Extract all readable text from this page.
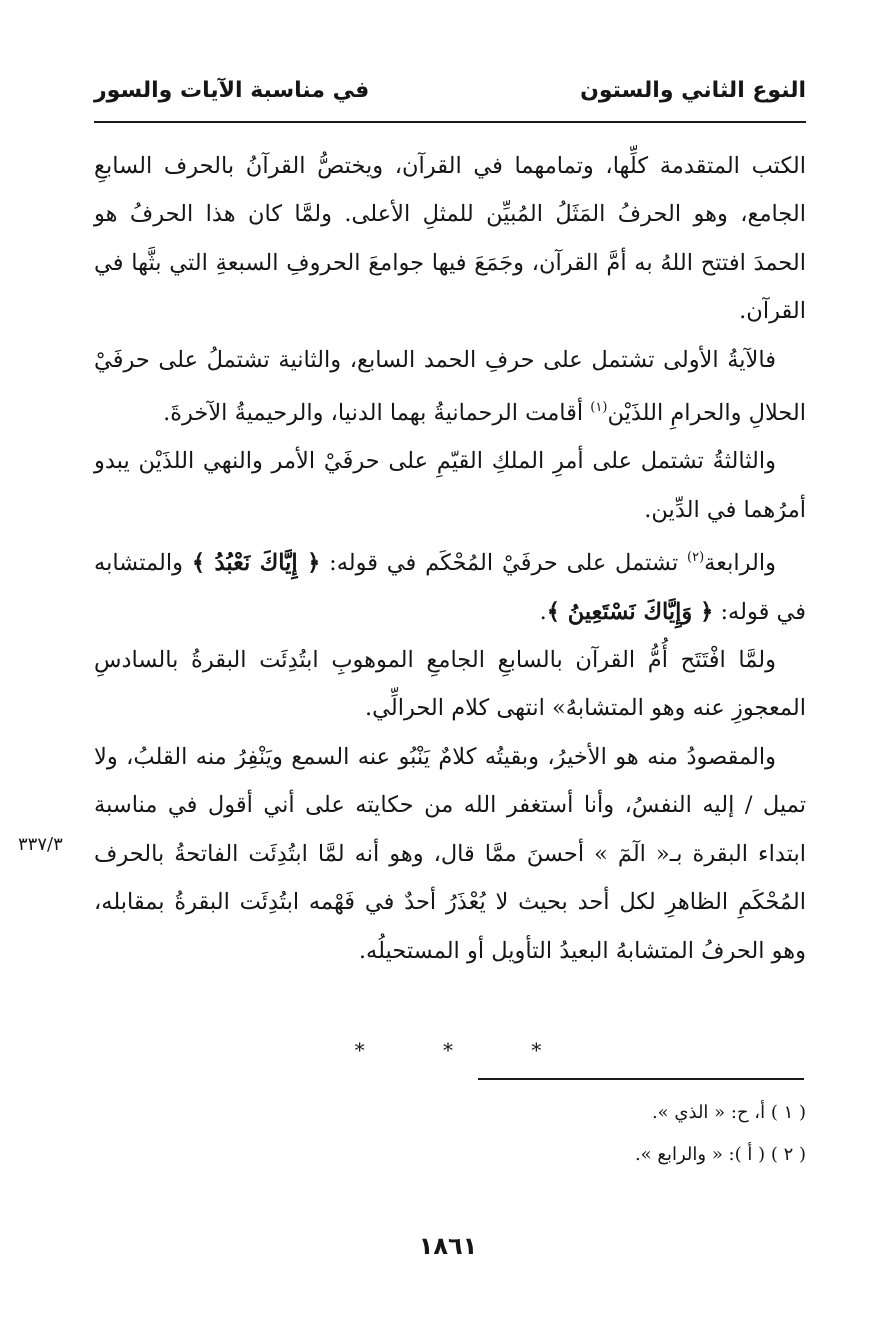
النوع الثاني والستون
في مناسبة الآيات والسور

الكتب المتقدمة كلِّها، وتمامهما في القرآن، ويختصُّ القرآنُ بالحرف السابعِ الجامع، وهو الحرفُ المَثَلُ المُبيِّن للمثلِ الأعلى. ولمَّا كان هذا الحرفُ هو الحمدَ افتتح اللهُ به أمَّ القرآن، وجَمَعَ فيها جوامعَ الحروفِ السبعةِ التي بثَّها في القرآن.

فالآيةُ الأولى تشتمل على حرفِ الحمد السابع، والثانية تشتملُ على حرفَيْ الحلالِ والحرامِ اللذَيْن$^{(١)}$ أقامت الرحمانيةُ بهما الدنيا، والرحيميةُ الآخرةَ.

والثالثةُ تشتمل على أمرِ الملكِ القيّمِ على حرفَيْ الأمر والنهي اللذَيْن يبدو أمرُهما في الدِّين.

والرابعة$^{(٢)}$ تشتمل على حرفَيْ المُحْكَم في قوله: ﴿ إِيَّاكَ نَعْبُدُ ﴾ والمتشابه في قوله: ﴿ وَإِيَّاكَ نَسْتَعِينُ ﴾.

ولمَّا افْتَتَح أُمُّ القرآن بالسابعِ الجامعِ الموهوبِ ابتُدِئَت البقرةُ بالسادسِ المعجوزِ عنه وهو المتشابهُ» انتهى كلام الحرالِّي.

والمقصودُ منه هو الأخيرُ، وبقيتُه كلامٌ يَنْبُو عنه السمع ويَنْفِرُ منه القلبُ، ولا تميل / إليه النفسُ، وأنا أستغفر الله من حكايته على أني أقول في مناسبة ابتداء البقرة بـ« الٓمٓ » أحسنَ ممَّا قال، وهو أنه لمَّا ابتُدِئَت الفاتحةُ بالحرف المُحْكَمِ الظاهرِ لكل أحد بحيث لا يُعْذَرُ أحدٌ في فَهْمه ابتُدِئَت البقرةُ بمقابله، وهو الحرفُ المتشابهُ البعيدُ التأويل أو المستحيلُه.

٣٣٧/٣
* * *
( ١ ) أ، ح: « الذي ».
( ٢ ) ( أ ): « والرابع ».
١٨٦١
